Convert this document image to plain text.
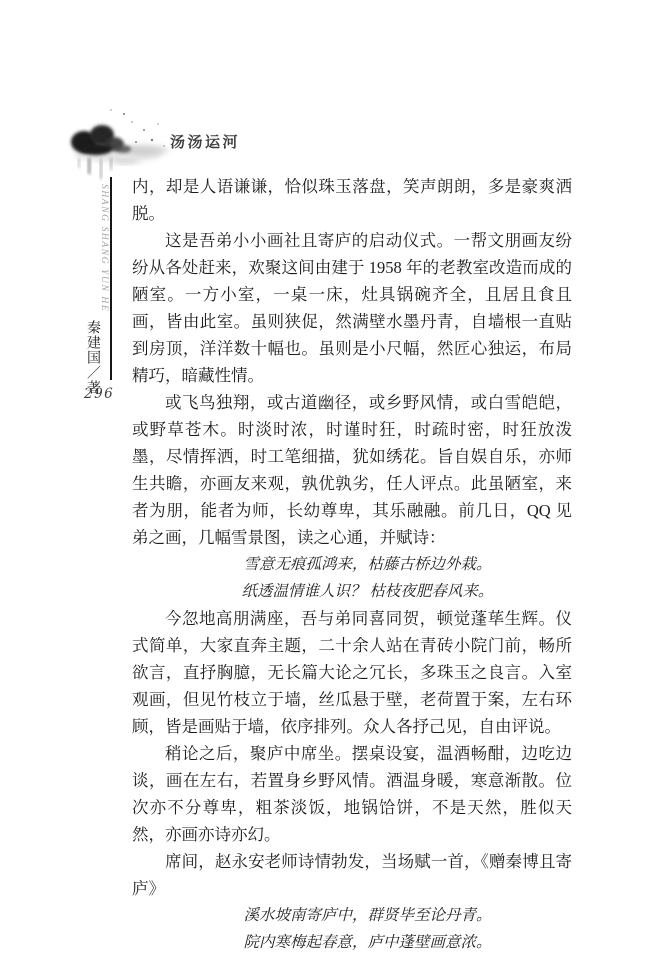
汤汤运河
SHANG SHANG YUN HE
秦建国／著
296

内，却是人语谦谦，恰似珠玉落盘，笑声朗朗，多是豪爽洒脱。

这是吾弟小小画社且寄庐的启动仪式。一帮文朋画友纷纷从各处赶来，欢聚这间由建于 1958 年的老教室改造而成的陋室。一方小室，一桌一床，灶具锅碗齐全，且居且食且画，皆由此室。虽则狭促，然满壁水墨丹青，自墙根一直贴到房顶，洋洋数十幅也。虽则是小尺幅，然匠心独运，布局精巧，暗藏性情。

或飞鸟独翔，或古道幽径，或乡野风情，或白雪皑皑，或野草苍木。时淡时浓，时谨时狂，时疏时密，时狂放泼墨，尽情挥洒，时工笔细描，犹如绣花。旨自娱自乐，亦师生共瞻，亦画友来观，孰优孰劣，任人评点。此虽陋室，来者为朋，能者为师，长幼尊卑，其乐融融。前几日，QQ 见弟之画，几幅雪景图，读之心通，并赋诗：

雪意无痕孤鸿来，枯藤古桥边外栽。

纸透温情谁人识？ 枯枝夜肥春风来。

今忽地高朋满座，吾与弟同喜同贺，顿觉蓬荜生辉。仪式简单，大家直奔主题，二十余人站在青砖小院门前，畅所欲言，直抒胸臆，无长篇大论之冗长，多珠玉之良言。入室观画，但见竹枝立于墙，丝瓜悬于壁，老荷置于案，左右环顾，皆是画贴于墙，依序排列。众人各抒己见，自由评说。

稍论之后，聚庐中席坐。摆桌设宴，温酒畅酣，边吃边谈，画在左右，若置身乡野风情。酒温身暖，寒意渐散。位次亦不分尊卑，粗茶淡饭，地锅饸饼，不是天然，胜似天然，亦画亦诗亦幻。

席间，赵永安老师诗情勃发，当场赋一首，《赠秦博且寄庐》

溪水坡南寄庐中，群贤毕至论丹青。

院内寒梅起春意，庐中蓬壁画意浓。
